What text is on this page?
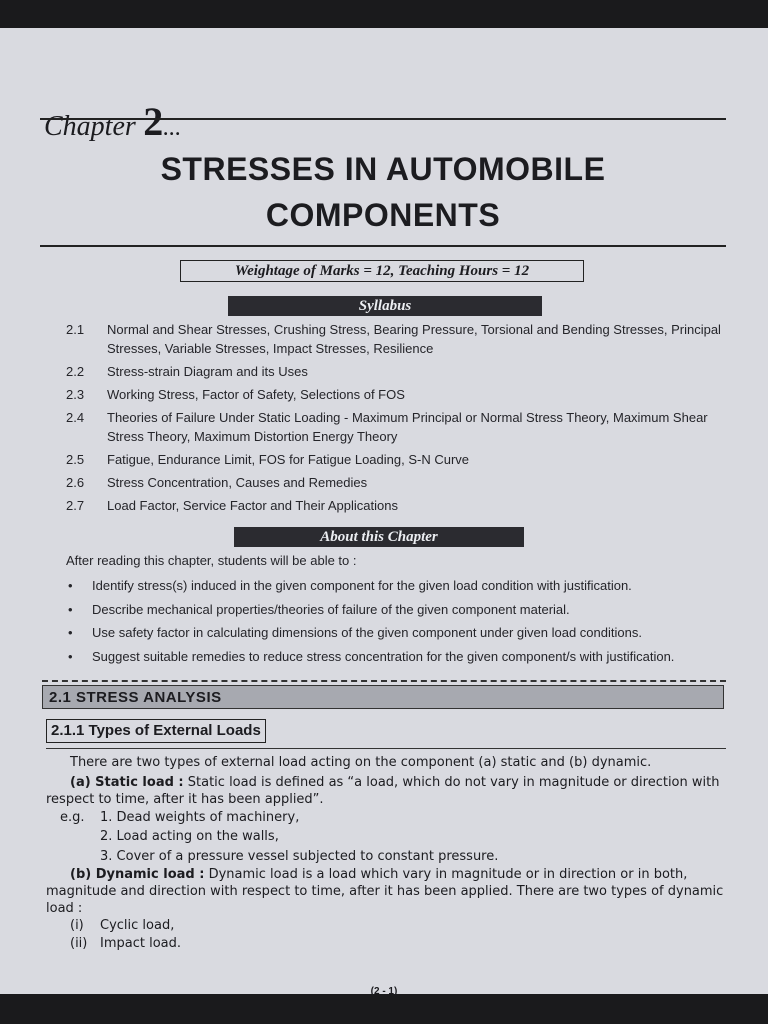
Chapter 2...
STRESSES IN AUTOMOBILE
COMPONENTS
Weightage of Marks = 12, Teaching Hours = 12
Syllabus
2.1 Normal and Shear Stresses, Crushing Stress, Bearing Pressure, Torsional and Bending Stresses, Principal Stresses, Variable Stresses, Impact Stresses, Resilience
2.2 Stress-strain Diagram and its Uses
2.3 Working Stress, Factor of Safety, Selections of FOS
2.4 Theories of Failure Under Static Loading - Maximum Principal or Normal Stress Theory, Maximum Shear Stress Theory, Maximum Distortion Energy Theory
2.5 Fatigue, Endurance Limit, FOS for Fatigue Loading, S-N Curve
2.6 Stress Concentration, Causes and Remedies
2.7 Load Factor, Service Factor and Their Applications
About this Chapter
After reading this chapter, students will be able to :
• Identify stress(s) induced in the given component for the given load condition with justification.
• Describe mechanical properties/theories of failure of the given component material.
• Use safety factor in calculating dimensions of the given component under given load conditions.
• Suggest suitable remedies to reduce stress concentration for the given component/s with justification.
2.1 STRESS ANALYSIS
2.1.1 Types of External Loads
There are two types of external load acting on the component (a) static and (b) dynamic.
(a) Static load : Static load is defined as “a load, which do not vary in magnitude or direction with respect to time, after it has been applied”.
e.g. 1. Dead weights of machinery,
2. Load acting on the walls,
3. Cover of a pressure vessel subjected to constant pressure.
(b) Dynamic load : Dynamic load is a load which vary in magnitude or in direction or in both, magnitude and direction with respect to time, after it has been applied. There are two types of dynamic load :
(i) Cyclic load,
(ii) Impact load.
(2 - 1)
